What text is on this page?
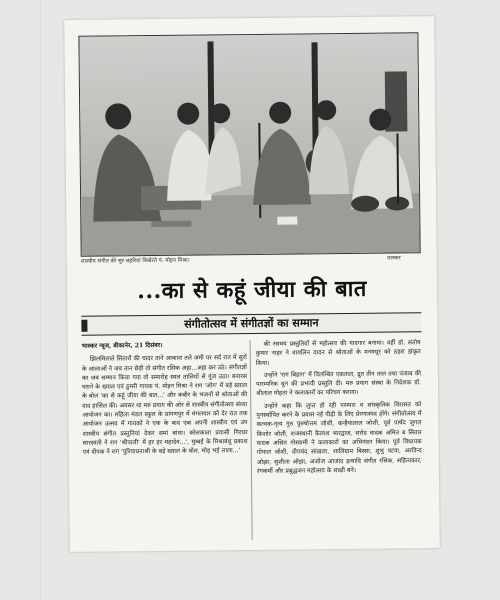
शास्त्रीय संगीत की सुर लहरियां बिखेरते पं. मोहन मिश्रा।	भास्कर
...का से कहूं जीया की बात
संगीतोत्सव में संगीतज्ञों का सम्मान
भास्कर न्यूज, बीकानेर, 21 दिसंबर।

झिलमिलाते सितारों की चादर ताने आकाश तले जमी पर सर्द रात में सुरों के आलाओं ने जब तान छेड़ी तो संगीत रसिक अहा...अहा कर उठे। संगीतज्ञों का जब सम्मान किया गया तो समारोह स्थल तालियों से गूंज उठा। बनारस घराने के ख्याल एवं ठुमरी गायक पं. मोहन मिश्रा ने राग 'जोग' में बड़े ख्याल के बोल 'का से कहूं जीया की बात...' और कबीर के भजनों से श्रोताओं की दाद हासिल की। अवसर था मरु प्रयाग की ओर से शास्त्रीय संगीतोत्सव संध्या आयोजन का। महिला मंडल स्कूल के प्रांगणपुर में मंगलवार को देर रात तक आयोजन उत्सव में गायकों ने एक के बाद एक अपनी शास्त्रीय एवं उप शास्त्रीय संगीत प्रस्तुतियां देकर समां बांधा। कोलकाता प्रवासी गिरधर सारस्वती ने राग 'श्रीपाली' में हर हर महादेव...', मुम्बई के मिश्राबंधु प्रकाश एवं दीपक ने राग 'पुरियाधनाश्री के बड़े ख्याल के बोल, मोड़ भई लाला...'

की रसमय प्रस्तुतियों से महोत्सव की यादगार बनाया। वहीं डॉ. संतोष कुमार नाहर ने वायलिन वादन से श्रोताओं के मनमयूर को ठहरा झंकृत किया।

उन्होंने 'राग बिहाग' में विलम्बित एकताल, द्रुत तीन ताल तथा पंजाब की पारम्परिक धुन की प्रभावी प्रस्तुति दी। मरु प्रयाग संस्था के निदेशक डॉ. श्रीलाल मोहता ने कलाकारों का परिचय कराया।

उन्होंने कहा कि लुप्त हो रही परम्परा व सांस्कृतिक विरासत को पुनर्स्थापित करने के प्रयास नई पीढ़ी के लिए प्रेरणास्पद होंगे। संगीतोत्सव में कत्थक-नृत्य गुरु पुरुषोत्तम जोशी, कन्हैयालाल जोशी, पूर्व पार्षद जुगल किशोर जोशी, राजस्थानी कैलाश भारद्वाज, सरोद वादक अमित ब सितार वादक असित गोस्वामी ने कलाकारों का अभिनंदन किया। पूर्व विधायक गोपाल जोशी, दीपचंद सांखला, शालिग्राम बिस्सा, शुभु पटवा, अरविन्द ओझा, सुशीला ओझा, अजोज आजाद इत्यादि संगीत रसिक, सहित्यकार, रंगकर्मी और प्रबुद्धजन महोत्सव के साक्षी बने।
